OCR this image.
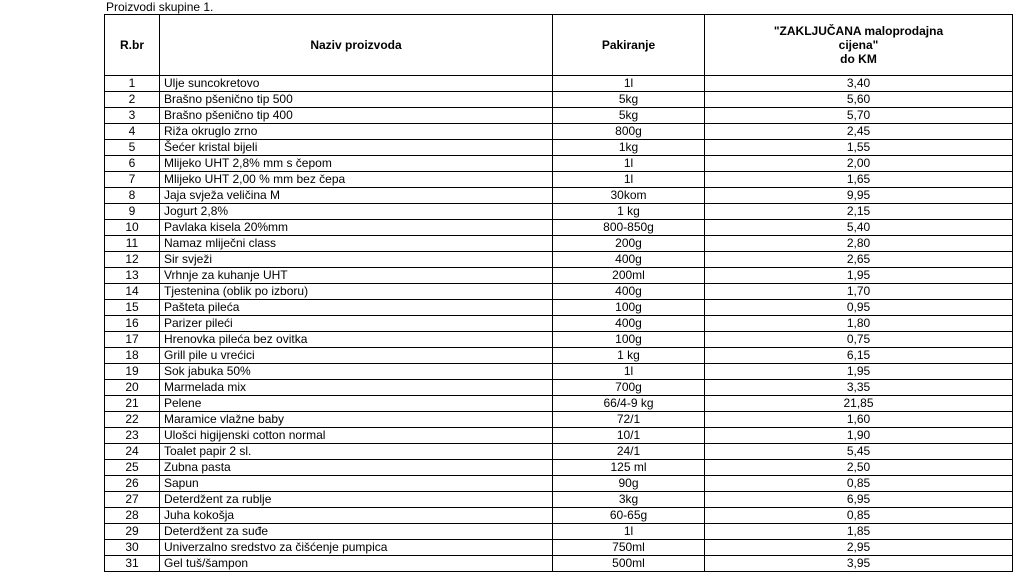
Proizvodi skupine 1.
R.br	Naziv proizvoda	Pakiranje	"ZAKLJUČANA maloprodajna
cijena"
do KM

1	Ulje suncokretovo	1l	3,40
2	Brašno pšenično tip 500	5kg	5,60
3	Brašno pšenično tip 400	5kg	5,70
4	Riža okruglo zrno	800g	2,45
5	Šećer kristal bijeli	1kg	1,55
6	Mlijeko UHT 2,8% mm s čepom	1l	2,00
7	Mlijeko UHT 2,00 % mm bez čepa	1l	1,65
8	Jaja svježa veličina M	30kom	9,95
9	Jogurt 2,8%	1 kg	2,15
10	Pavlaka kisela 20%mm	800-850g	5,40
11	Namaz mliječni class	200g	2,80
12	Sir svježi	400g	2,65
13	Vrhnje za kuhanje UHT	200ml	1,95
14	Tjestenina (oblik po izboru)	400g	1,70
15	Pašteta pileća	100g	0,95
16	Parizer pileći	400g	1,80
17	Hrenovka pileća bez ovitka	100g	0,75
18	Grill pile u vrećici	1 kg	6,15
19	Sok jabuka 50%	1l	1,95
20	Marmelada mix	700g	3,35
21	Pelene	66/4-9 kg	21,85
22	Maramice vlažne baby	72/1	1,60
23	Ulošci higijenski cotton normal	10/1	1,90
24	Toalet papir 2 sl.	24/1	5,45
25	Zubna pasta	125 ml	2,50
26	Sapun	90g	0,85
27	Deterdžent za rublje	3kg	6,95
28	Juha kokošja	60-65g	0,85
29	Deterdžent za suđe	1l	1,85
30	Univerzalno sredstvo za čišćenje pumpica	750ml	2,95
31	Gel tuš/šampon	500ml	3,95
